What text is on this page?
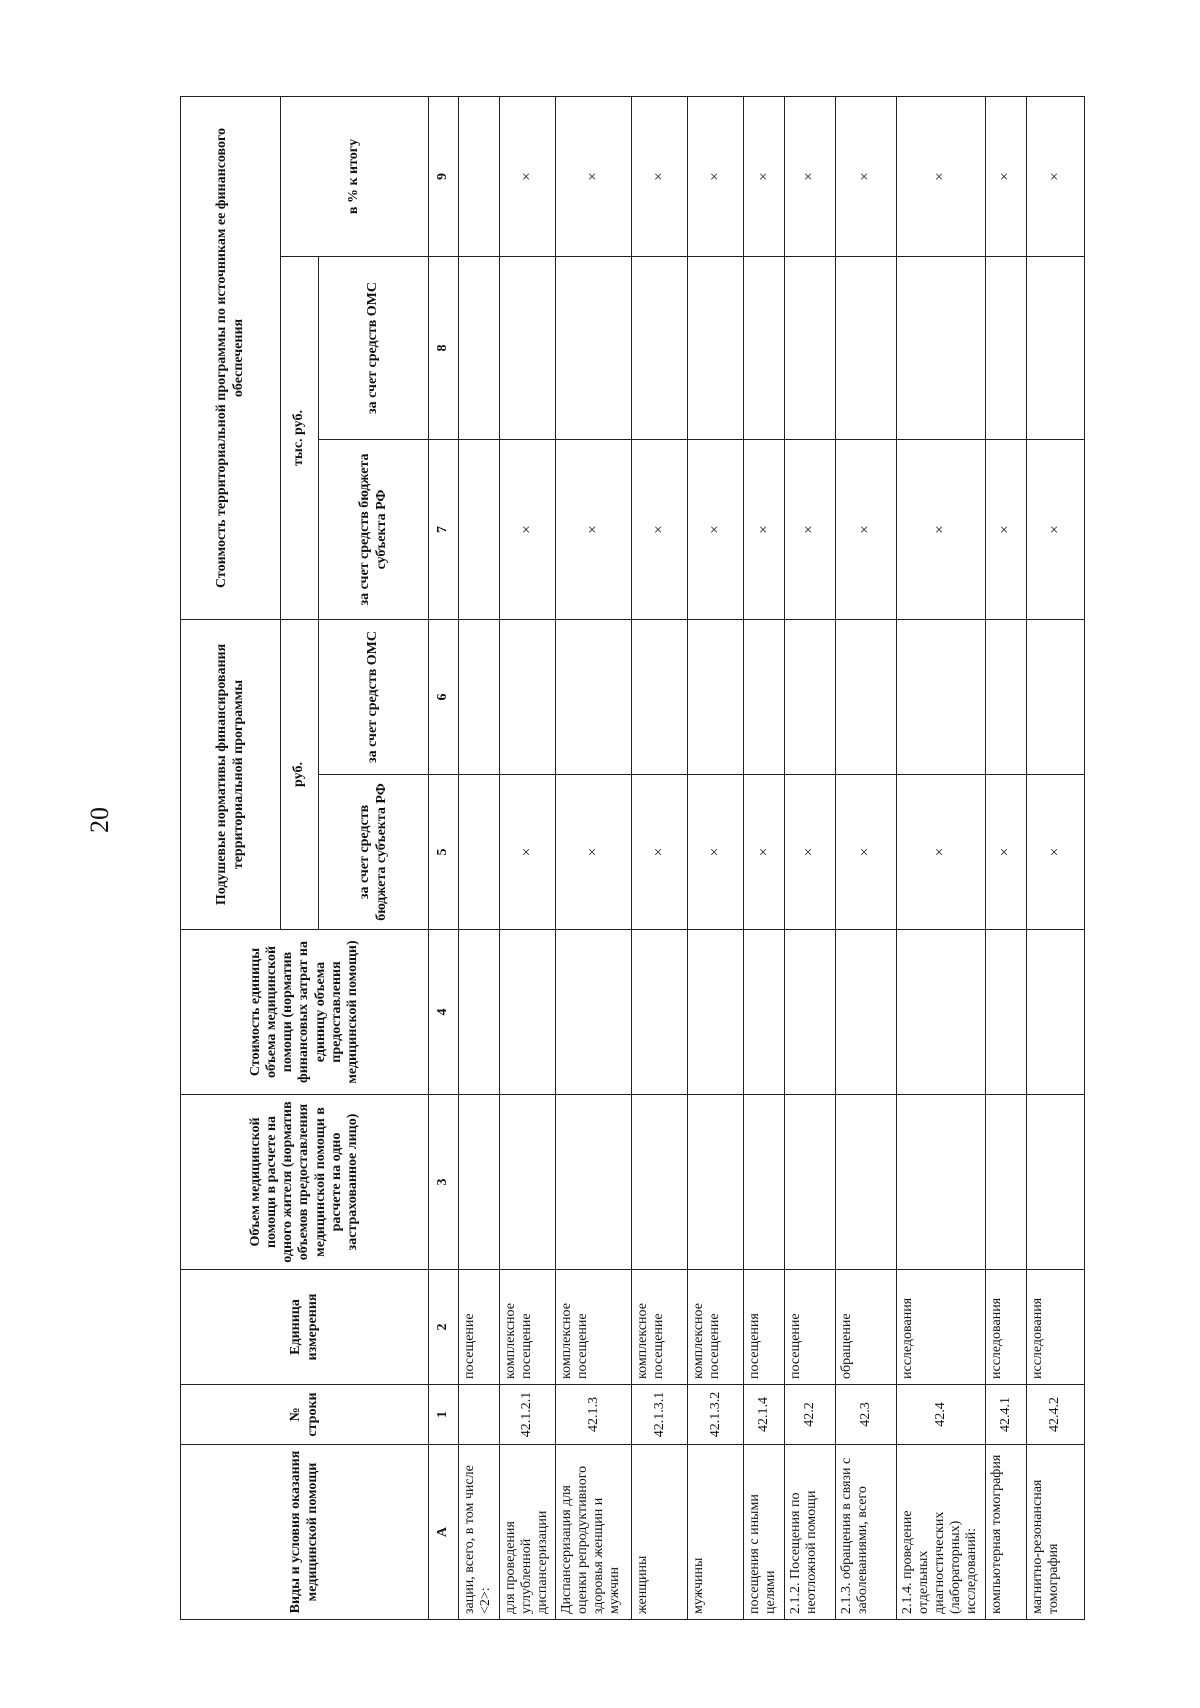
20
Виды и условия оказания медицинской помощи	№ строки	Единица измерения	Объем медицинской помощи в расчете на одного жителя (норматив объемов предоставления медицинской помощи в расчете на одно застрахованное лицо)	Стоимость единицы объема медицинской помощи (норматив финансовых затрат на единицу объема предоставления медицинской помощи)	Подушевые нормативы финансирования территориальной программы		Стоимость территориальной программы по источникам ее финансового обеспечения		
					руб.		тыс. руб.		в % к итогу
					за счет средств бюджета субъекта РФ	за счет средств ОМС	за счет средств бюджета субъекта РФ	за счет средств ОМС	
А	1	2	3	4	5	6	7	8	9
зации, всего, в том числе <2>:		посещение							
для проведения углубленной диспансеризации	42.1.2.1	комплексное посещение			×		×		×
Диспансеризация для оценки репродуктивного здоровья женщин и мужчин	42.1.3	комплексное посещение			×		×		×
женщины	42.1.3.1	комплексное посещение			×		×		×
мужчины	42.1.3.2	комплексное посещение			×		×		×
посещения с иными целями	42.1.4	посещения			×		×		×
2.1.2. Посещения по неотложной помощи	42.2	посещение			×		×		×
2.1.3. обращения в связи с заболеваниями, всего	42.3	обращение			×		×		×
2.1.4. проведение отдельных диагностических (лабораторных) исследований:	42.4	исследования			×		×		×
компьютерная томография	42.4.1	исследования			×		×		×
магнитно-резонансная томография	42.4.2	исследования			×		×		×
